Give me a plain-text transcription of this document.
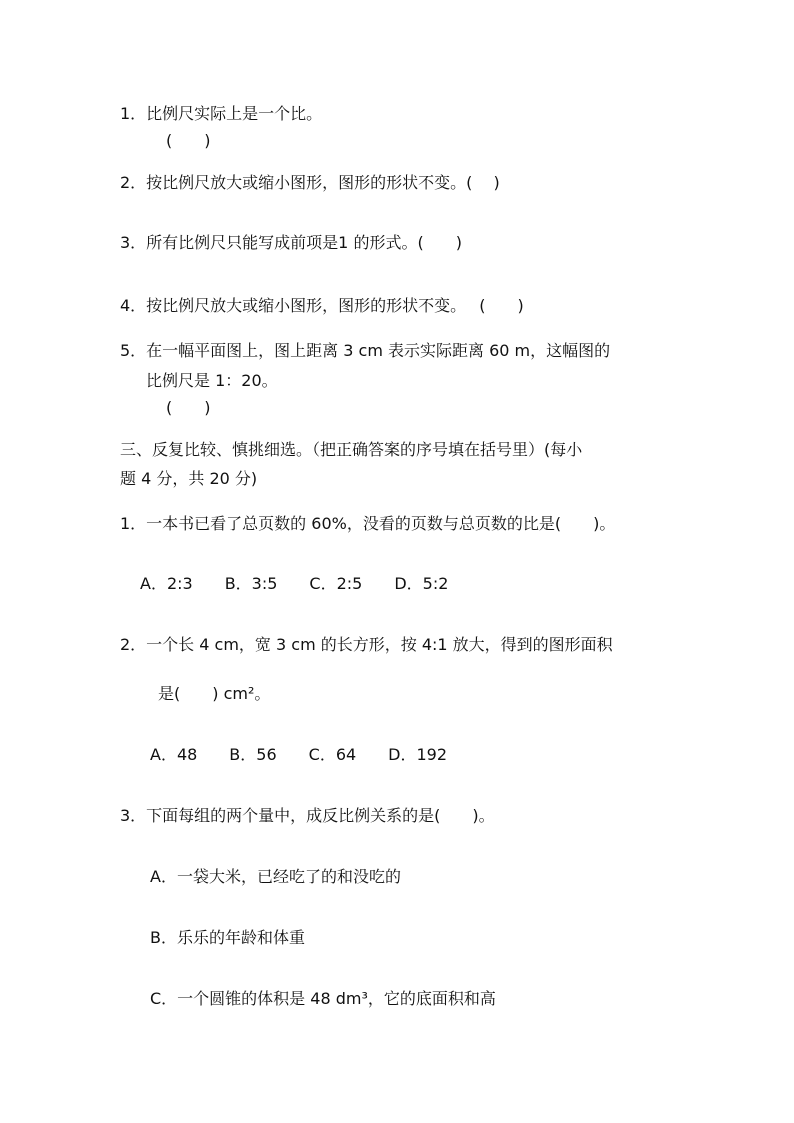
1．比例尺实际上是一个比。
(　　)
2．按比例尺放大或缩小图形，图形的形状不变。(　 )
3．所有比例尺只能写成前项是1 的形式。(　　)
4．按比例尺放大或缩小图形，图形的形状不变。　 (　　)
5．在一幅平面图上，图上距离 3 cm 表示实际距离 60 m，这幅图的
比例尺是 1：20。
(　　)
三、反复比较、慎挑细选。（把正确答案的序号填在括号里）(每小
题 4 分，共 20 分)
1．一本书已看了总页数的 60%，没看的页数与总页数的比是(　　)。
A．2:3　　B．3:5　　C．2:5　　D．5:2
2．一个长 4 cm，宽 3 cm 的长方形，按 4:1 放大，得到的图形面积
是(　　) cm²。
A．48　　B．56　　C．64　　D．192
3．下面每组的两个量中，成反比例关系的是(　　)。
A．一袋大米，已经吃了的和没吃的
B．乐乐的年龄和体重
C．一个圆锥的体积是 48 dm³，它的底面积和高
